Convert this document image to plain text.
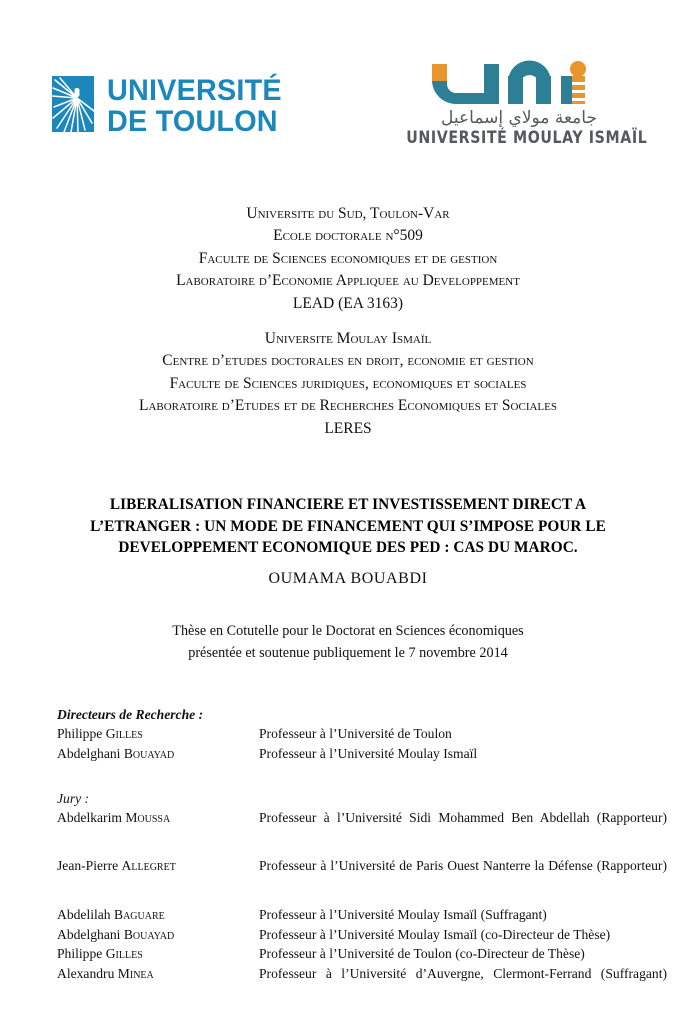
UNIVERSITÉ
DE TOULON	جامعة مولاي إسماعيل
UNIVERSITÉ MOULAY ISMAÏL
Universite du Sud, Toulon-Var
Ecole doctorale n°509
Faculte de Sciences economiques et de gestion
Laboratoire d’Economie Appliquee au Developpement
LEAD (EA 3163)
Universite Moulay Ismaïl
Centre d’etudes doctorales en droit, economie et gestion
Faculte de Sciences juridiques, economiques et sociales
Laboratoire d’Etudes et de Recherches Economiques et Sociales
LERES
LIBERALISATION FINANCIERE ET INVESTISSEMENT DIRECT A
L’ETRANGER : UN MODE DE FINANCEMENT QUI S’IMPOSE POUR LE
DEVELOPPEMENT ECONOMIQUE DES PED : CAS DU MAROC.
OUMAMA BOUABDI
Thèse en Cotutelle pour le Doctorat en Sciences économiques
présentée et soutenue publiquement le 7 novembre 2014
Directeurs de Recherche :
Philippe Gilles	Professeur à l’Université de Toulon
Abdelghani Bouayad	Professeur à l’Université Moulay Ismaïl
Jury :
Abdelkarim Moussa	Professeur à l’Université Sidi Mohammed Ben Abdellah (Rapporteur)
Jean-Pierre Allegret	Professeur à l’Université de Paris Ouest Nanterre la Défense (Rapporteur)
Abdelilah Baguare	Professeur à l’Université Moulay Ismaïl (Suffragant)
Abdelghani Bouayad	Professeur à l’Université Moulay Ismaïl (co-Directeur de Thèse)
Philippe Gilles	Professeur à l’Université de Toulon (co-Directeur de Thèse)
Alexandru Minea	Professeur à l’Université d’Auvergne, Clermont-Ferrand (Suffragant)
